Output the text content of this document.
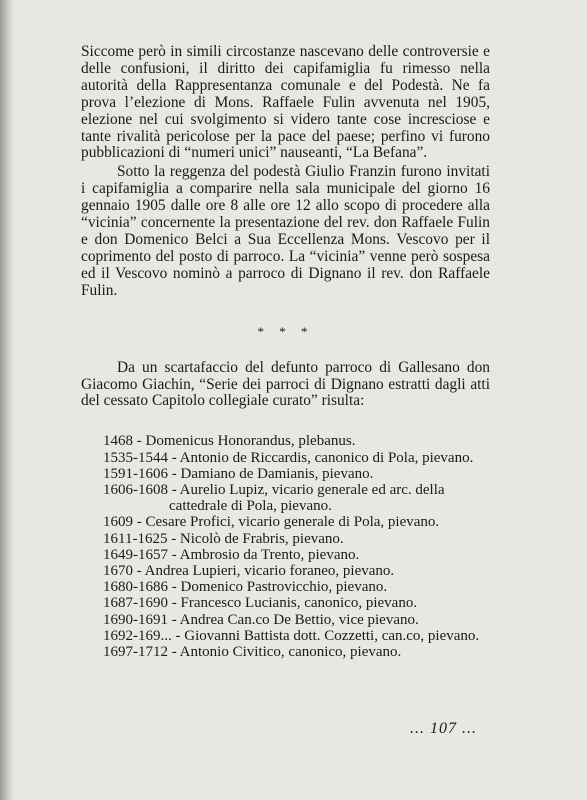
Siccome però in simili circostanze nascevano delle controversie e delle confusioni, il diritto dei capifamiglia fu rimesso nella autorità della Rappresentanza comunale e del Podestà. Ne fa prova l’elezione di Mons. Raffaele Fulin avvenuta nel 1905, elezione nel cui svolgimento si videro tante cose incresciose e tante rivalità pericolose per la pace del paese; perfino vi furono pubblicazioni di “numeri unici” nauseanti, “La Befana”.

Sotto la reggenza del podestà Giulio Franzin furono invitati i capifamiglia a comparire nella sala municipale del giorno 16 gennaio 1905 dalle ore 8 alle ore 12 allo scopo di procedere alla “vicinia” concernente la presentazione del rev. don Raffaele Fulin e don Domenico Belci a Sua Eccellenza Mons. Vescovo per il coprimento del posto di parroco. La “vicinia” venne però sospesa ed il Vescovo nominò a parroco di Dignano il rev. don Raffaele Fulin.

* * *

Da un scartafaccio del defunto parroco di Gallesano don Giacomo Giachin, “Serie dei parroci di Dignano estratti dagli atti del cessato Capitolo collegiale curato” risulta:

1468 - Domenicus Honorandus, plebanus.
1535-1544 - Antonio de Riccardis, canonico di Pola, pievano.
1591-1606 - Damiano de Damianis, pievano.
1606-1608 - Aurelio Lupiz, vicario generale ed arc. della
cattedrale di Pola, pievano.
1609 - Cesare Profici, vicario generale di Pola, pievano.
1611-1625 - Nicolò de Frabris, pievano.
1649-1657 - Ambrosio da Trento, pievano.
1670 - Andrea Lupieri, vicario foraneo, pievano.
1680-1686 - Domenico Pastrovicchio, pievano.
1687-1690 - Francesco Lucianis, canonico, pievano.
1690-1691 - Andrea Can.co De Bettio, vice pievano.
1692-169... - Giovanni Battista dott. Cozzetti, can.co, pievano.
1697-1712 - Antonio Civitico, canonico, pievano.
... 107 ...
